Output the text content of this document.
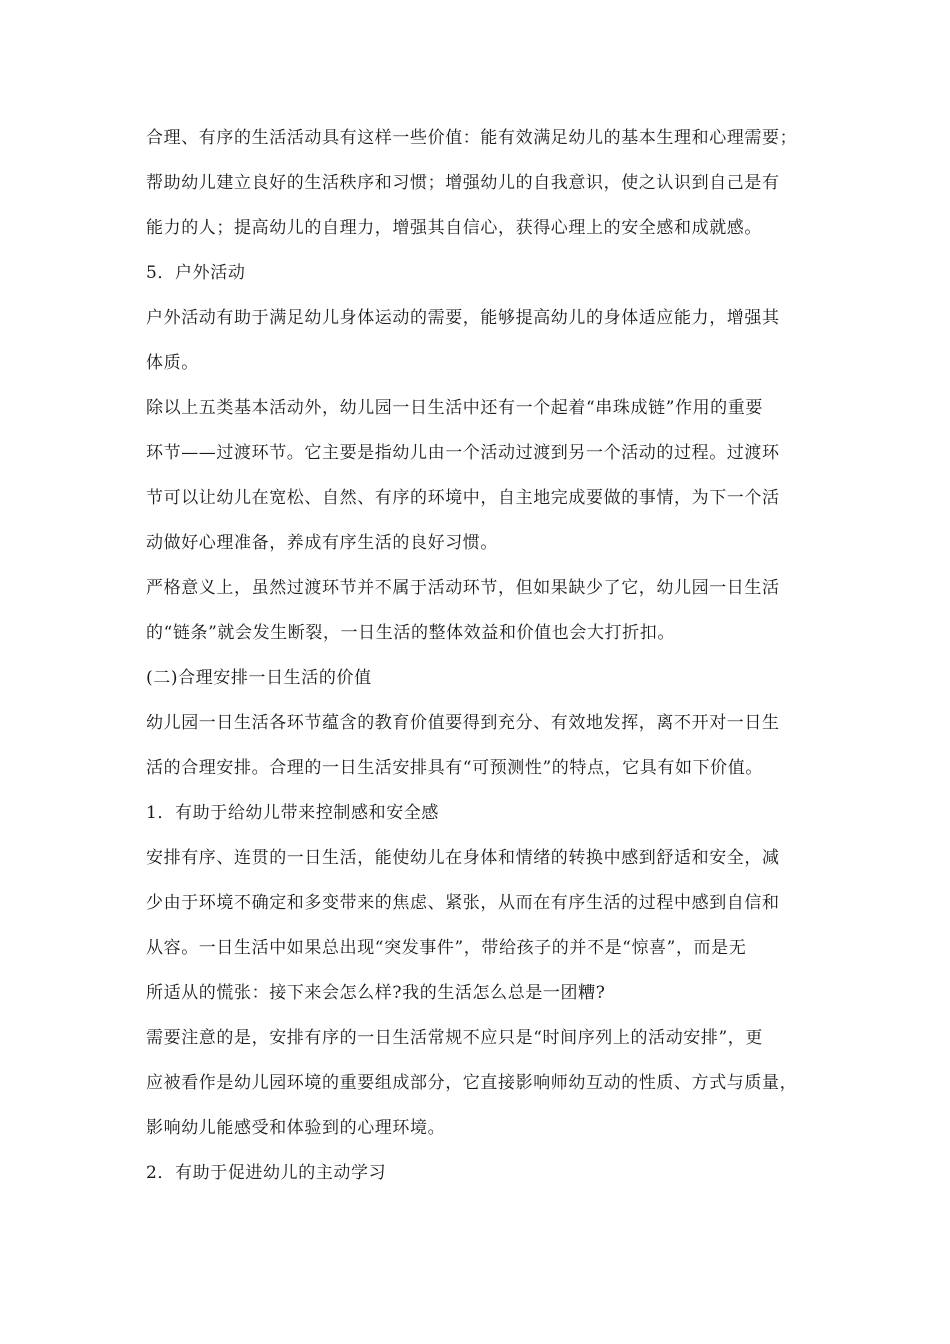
合理、有序的生活活动具有这样一些价值：能有效满足幼儿的基本生理和心理需要；
帮助幼儿建立良好的生活秩序和习惯；增强幼儿的自我意识，使之认识到自己是有
能力的人；提高幼儿的自理力，增强其自信心，获得心理上的安全感和成就感。
5．户外活动
户外活动有助于满足幼儿身体运动的需要，能够提高幼儿的身体适应能力，增强其
体质。
除以上五类基本活动外，幼儿园一日生活中还有一个起着“串珠成链”作用的重要
环节——过渡环节。它主要是指幼儿由一个活动过渡到另一个活动的过程。过渡环
节可以让幼儿在宽松、自然、有序的环境中，自主地完成要做的事情，为下一个活
动做好心理准备，养成有序生活的良好习惯。
严格意义上，虽然过渡环节并不属于活动环节，但如果缺少了它，幼儿园一日生活
的“链条”就会发生断裂，一日生活的整体效益和价值也会大打折扣。
(二)合理安排一日生活的价值
幼儿园一日生活各环节蕴含的教育价值要得到充分、有效地发挥，离不开对一日生
活的合理安排。合理的一日生活安排具有“可预测性”的特点，它具有如下价值。
1．有助于给幼儿带来控制感和安全感
安排有序、连贯的一日生活，能使幼儿在身体和情绪的转换中感到舒适和安全，减
少由于环境不确定和多变带来的焦虑、紧张，从而在有序生活的过程中感到自信和
从容。一日生活中如果总出现“突发事件”，带给孩子的并不是“惊喜”，而是无
所适从的慌张：接下来会怎么样?我的生活怎么总是一团糟?
需要注意的是，安排有序的一日生活常规不应只是“时间序列上的活动安排”，更
应被看作是幼儿园环境的重要组成部分，它直接影响师幼互动的性质、方式与质量，
影响幼儿能感受和体验到的心理环境。
2．有助于促进幼儿的主动学习
